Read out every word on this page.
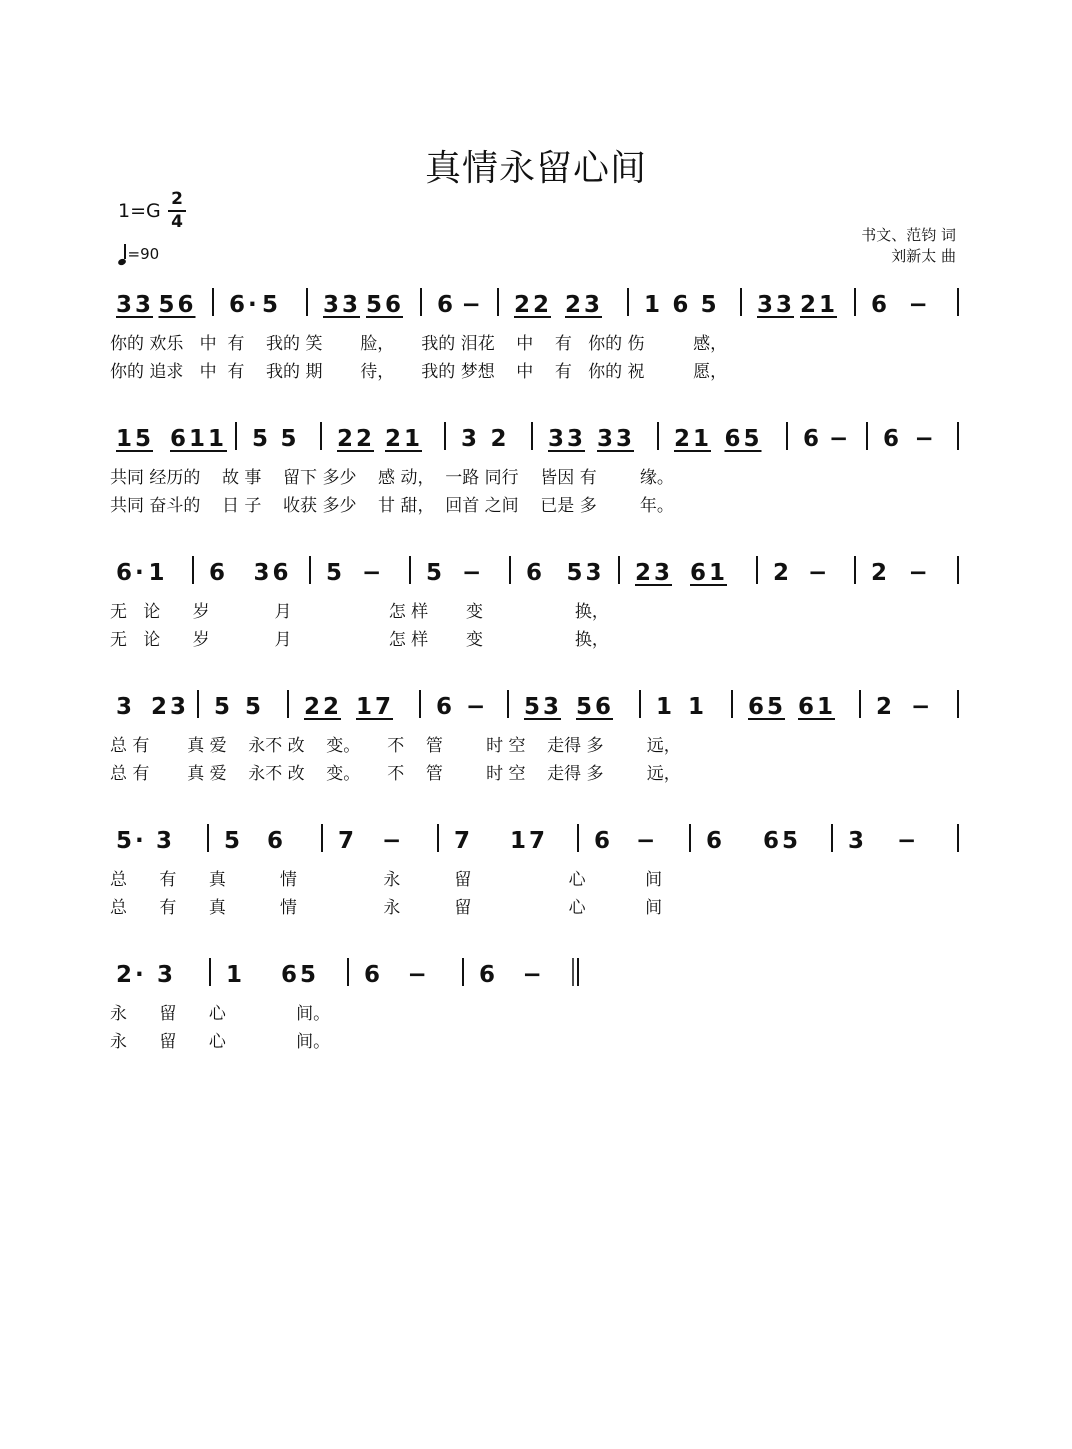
真情永留心间
1=G
2
4
=90
书文、范钧 词
刘新太 曲
33 56 6· 5 33 56 6 − 22 23 1 6 5 33 21 6 −
你的 欢乐   中  有    我的 笑       脸，     我的 泪花    中    有   你的 伤         感，
你的 追求   中  有    我的 期       待，     我的 梦想    中    有   你的 祝         愿，
15 611 5 5 22 21 3 2 33 33 21 65 6 − 6 −
共同 经历的    故 事    留下 多少    感 动，  一路 同行    皆因 有        缘。
共同 奋斗的    日 子    收获 多少    甘 甜，  回首 之间    已是 多        年。
6· 1 6 36 5 − 5 − 6 53 23 61 2 − 2 −
无   论      岁            月                  怎 样       变                 换，
无   论      岁            月                  怎 样       变                 换，
3 23 5 5 22 17 6 − 53 56 1 1 65 61 2 −
总 有       真 爱    永不 改    变。     不    管        时 空    走得 多        远，
总 有       真 爱    永不 改    变。     不    管        时 空    走得 多        远，
5· 3 5 6 7 − 7 17 6 − 6 65 3 −
总      有      真          情                永          留                  心           间
总      有      真          情                永          留                  心           间
2· 3 1 65 6 − 6 −
永      留      心             间。
永      留      心             间。
